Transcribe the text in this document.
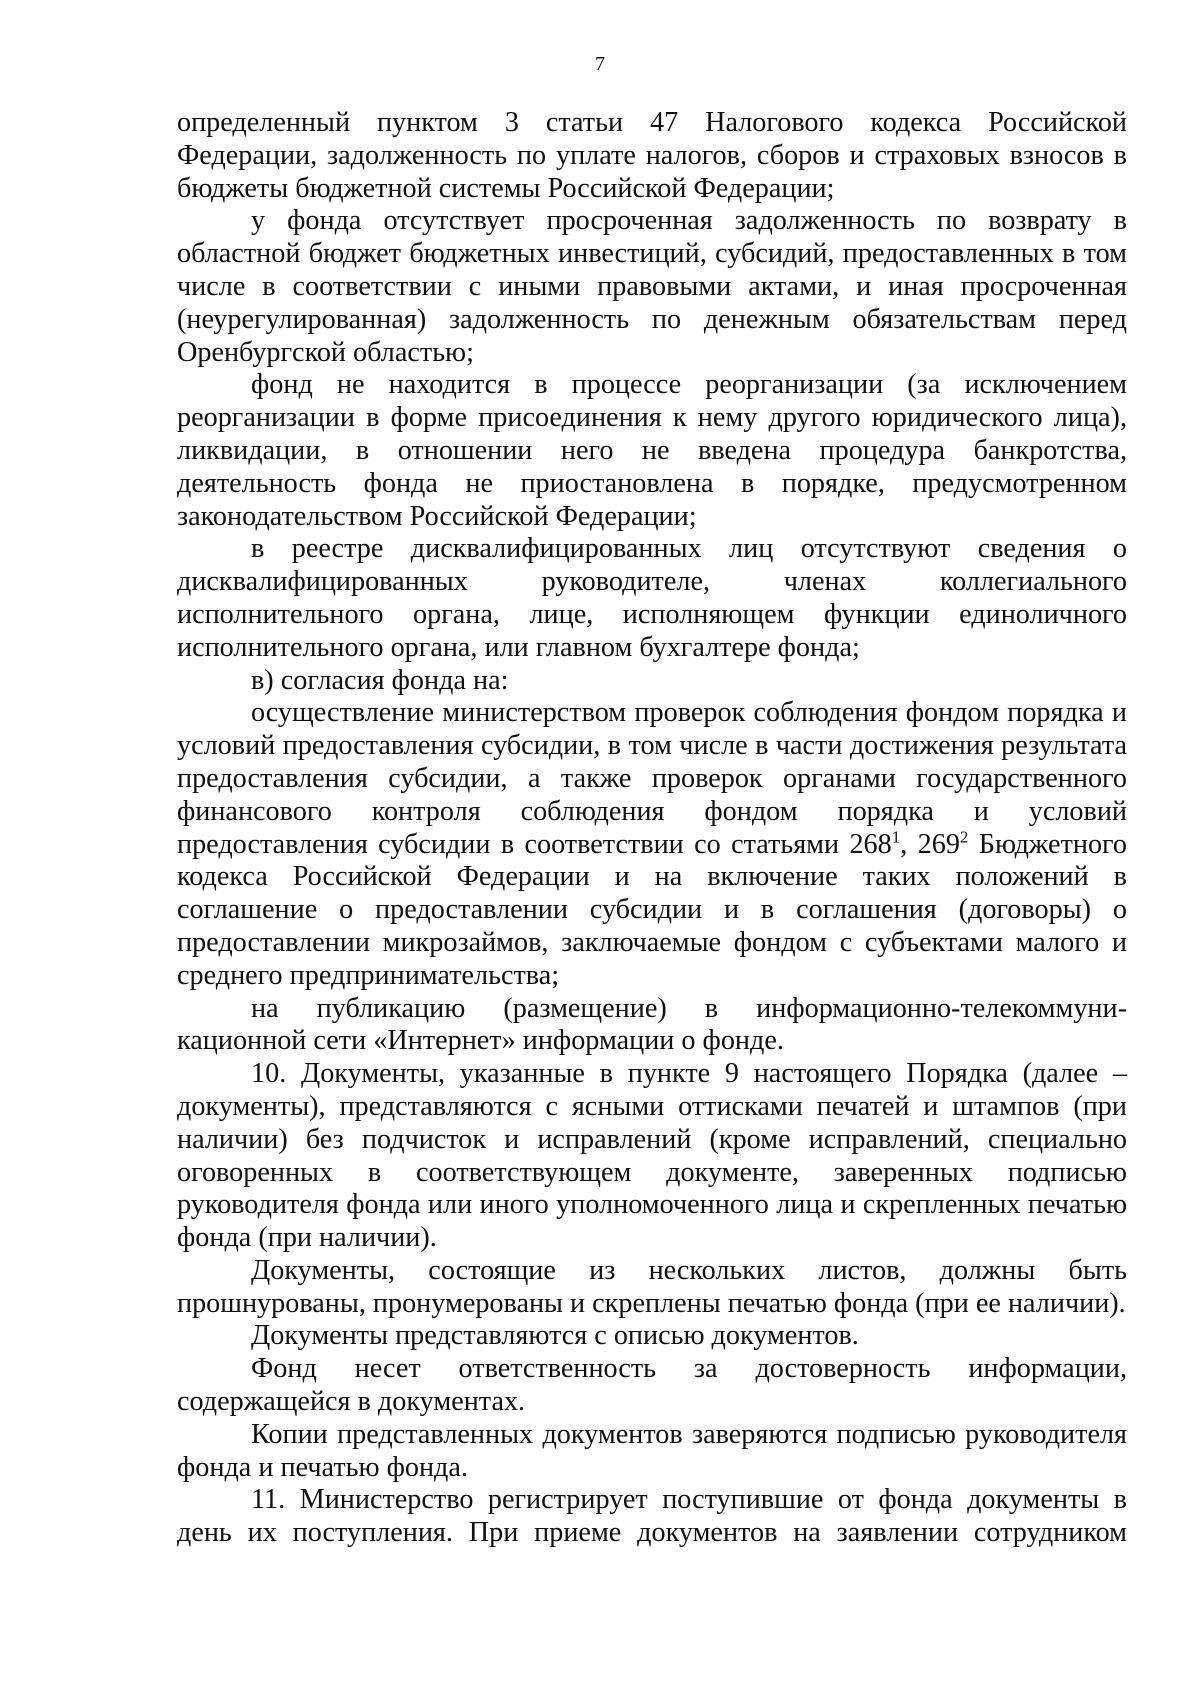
7

определенный пунктом 3 статьи 47 Налогового кодекса Российской Федерации, задолженность по уплате налогов, сборов и страховых взносов в бюджеты бюджетной системы Российской Федерации;

у фонда отсутствует просроченная задолженность по возврату в областной бюджет бюджетных инвестиций, субсидий, предоставленных в том числе в соответствии с иными правовыми актами, и иная просроченная (неурегулированная) задолженность по денежным обязательствам перед Оренбургской областью;

фонд не находится в процессе реорганизации (за исключением реорганизации в форме присоединения к нему другого юридического лица), ликвидации, в отношении него не введена процедура банкротства, деятельность фонда не приостановлена в порядке, предусмотренном законодательством Российской Федерации;

в реестре дисквалифицированных лиц отсутствуют сведения о дисквалифицированных руководителе, членах коллегиального исполнительного органа, лице, исполняющем функции единоличного исполнительного органа, или главном бухгалтере фонда;

в) согласия фонда на:

осуществление министерством проверок соблюдения фондом порядка и условий предоставления субсидии, в том числе в части достижения результата предоставления субсидии, а также проверок органами государственного финансового контроля соблюдения фондом порядка и условий предоставления субсидии в соответствии со статьями $268^1$, $269^2$ Бюджетного кодекса Российской Федерации и на включение таких положений в соглашение о предоставлении субсидии и в соглашения (договоры) о предоставлении микрозаймов, заключаемые фондом с субъектами малого и среднего предпринимательства;

на публикацию (размещение) в информационно-телекоммуни-кационной сети «Интернет» информации о фонде.

10. Документы, указанные в пункте 9 настоящего Порядка (далее – документы), представляются с ясными оттисками печатей и штампов (при наличии) без подчисток и исправлений (кроме исправлений, специально оговоренных в соответствующем документе, заверенных подписью руководителя фонда или иного уполномоченного лица и скрепленных печатью фонда (при наличии).

Документы, состоящие из нескольких листов, должны быть прошнурованы, пронумерованы и скреплены печатью фонда (при ее наличии).

Документы представляются с описью документов.

Фонд несет ответственность за достоверность информации, содержащейся в документах.

Копии представленных документов заверяются подписью руководителя фонда и печатью фонда.

11. Министерство регистрирует поступившие от фонда документы в день их поступления. При приеме документов на заявлении сотрудником
